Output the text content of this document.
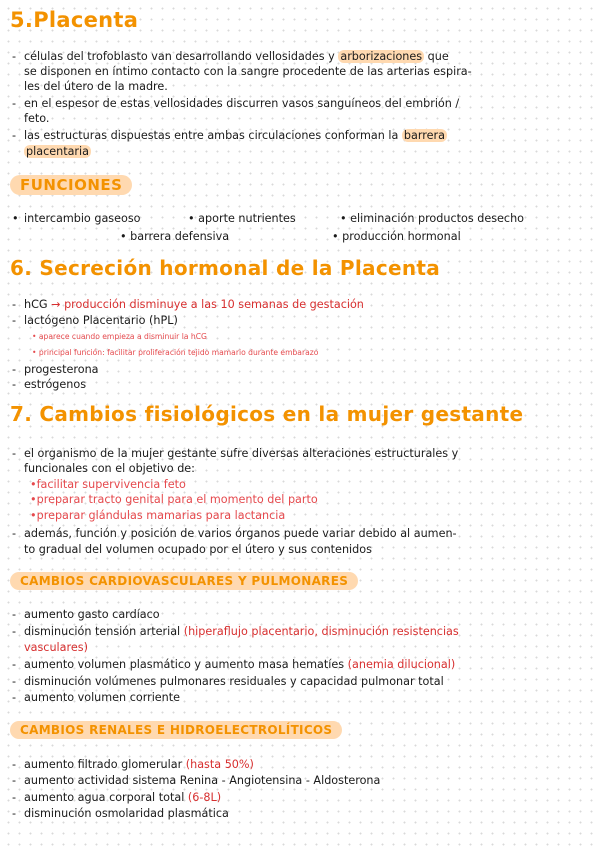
5.Placenta
- células del trofoblasto van desarrollando vellosidades y arborizaciones que
se disponen en íntimo contacto con la sangre procedente de las arterias espira-
les del útero de la madre.
- en el espesor de estas vellosidades discurren vasos sanguíneos del embrión /
feto.
- las estructuras dispuestas entre ambas circulaciones conforman la barrera
placentaria
FUNCIONES
• intercambio gaseoso	• aporte nutrientes	• eliminación productos desecho
• barrera defensiva	• producción hormonal
6. Secreción hormonal de la Placenta
- hCG → producción disminuye a las 10 semanas de gestación
- lactógeno Placentario (hPL)
• aparece cuando empieza a disminuir la hCG
• principal función: facilitar proliferación tejido mamario durante embarazo
- progesterona
- estrógenos
7. Cambios fisiológicos en la mujer gestante
- el organismo de la mujer gestante sufre diversas alteraciones estructurales y
funcionales con el objetivo de:
•facilitar supervivencia feto
•preparar tracto genital para el momento del parto
•preparar glándulas mamarias para lactancia
- además, función y posición de varios órganos puede variar debido al aumen-
to gradual del volumen ocupado por el útero y sus contenidos
CAMBIOS CARDIOVASCULARES Y PULMONARES
- aumento gasto cardíaco
- disminución tensión arterial (hiperaflujo placentario, disminución resistencias
vasculares)
- aumento volumen plasmático y aumento masa hematíes (anemia dilucional)
- disminución volúmenes pulmonares residuales y capacidad pulmonar total
- aumento volumen corriente
CAMBIOS RENALES E HIDROELECTROLÍTICOS
- aumento filtrado glomerular (hasta 50%)
- aumento actividad sistema Renina - Angiotensina - Aldosterona
- aumento agua corporal total (6-8L)
- disminución osmolaridad plasmática
